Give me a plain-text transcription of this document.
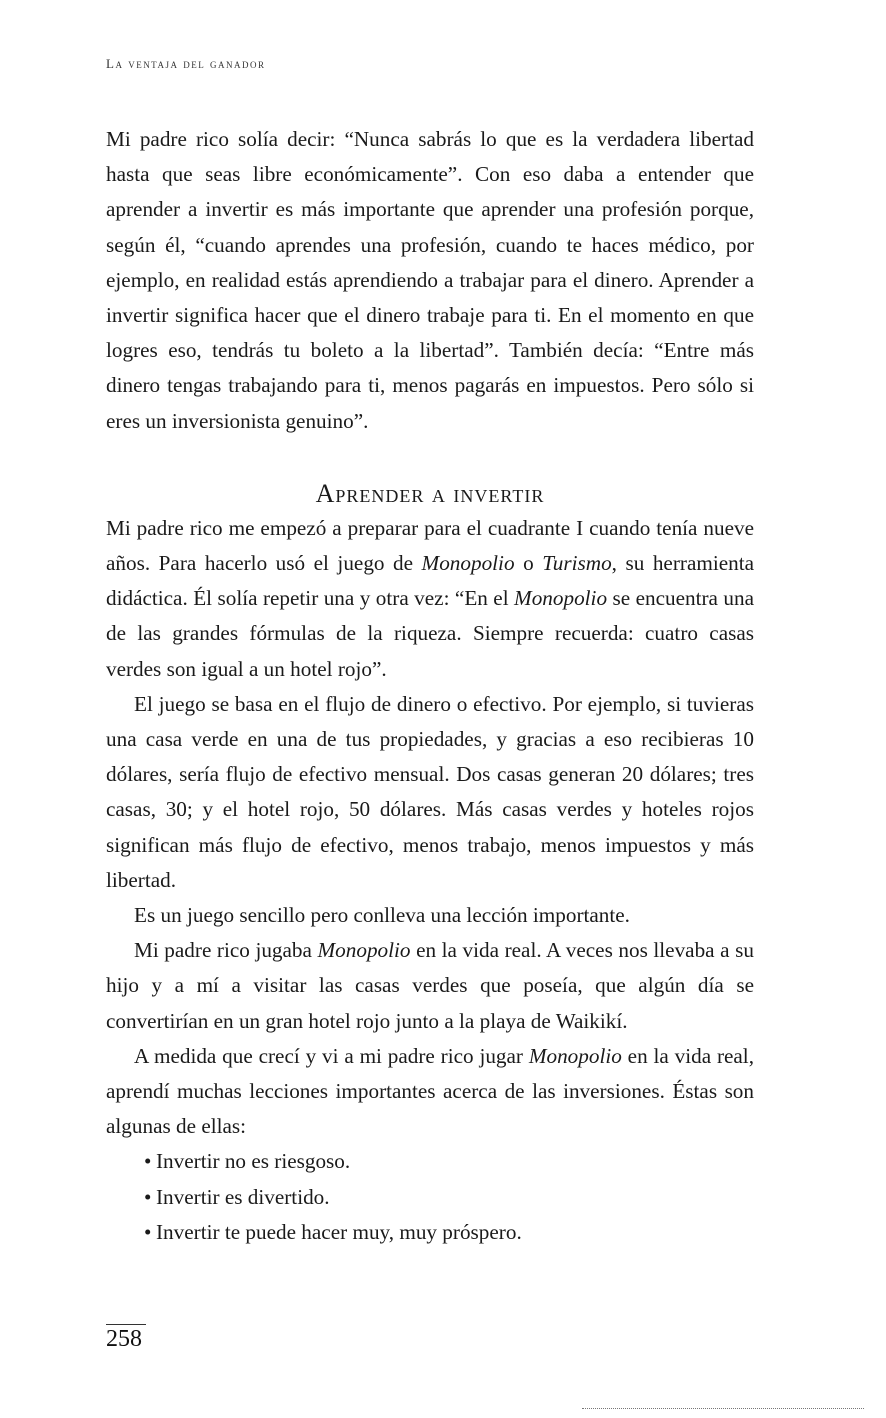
La ventaja del ganador

Mi padre rico solía decir: “Nunca sabrás lo que es la verdadera libertad hasta que seas libre económicamente”. Con eso daba a entender que aprender a invertir es más importante que aprender una profesión porque, según él, “cuando aprendes una profesión, cuando te haces médico, por ejemplo, en realidad estás aprendiendo a trabajar para el dinero. Aprender a invertir significa hacer que el dinero trabaje para ti. En el momento en que logres eso, tendrás tu boleto a la libertad”. También decía: “Entre más dinero tengas trabajando para ti, menos pagarás en impuestos. Pero sólo si eres un inversionista genuino”.

Aprender a invertir

Mi padre rico me empezó a preparar para el cuadrante I cuando tenía nueve años. Para hacerlo usó el juego de Monopolio o Turismo, su herramienta didáctica. Él solía repetir una y otra vez: “En el Monopolio se encuentra una de las grandes fórmulas de la riqueza. Siempre recuerda: cuatro casas verdes son igual a un hotel rojo”.

El juego se basa en el flujo de dinero o efectivo. Por ejemplo, si tuvieras una casa verde en una de tus propiedades, y gracias a eso recibieras 10 dólares, sería flujo de efectivo mensual. Dos casas generan 20 dólares; tres casas, 30; y el hotel rojo, 50 dólares. Más casas verdes y hoteles rojos significan más flujo de efectivo, menos trabajo, menos impuestos y más libertad.

Es un juego sencillo pero conlleva una lección importante.

Mi padre rico jugaba Monopolio en la vida real. A veces nos llevaba a su hijo y a mí a visitar las casas verdes que poseía, que algún día se convertirían en un gran hotel rojo junto a la playa de Waikikí.

A medida que crecí y vi a mi padre rico jugar Monopolio en la vida real, aprendí muchas lecciones importantes acerca de las inversiones. Éstas son algunas de ellas:

• Invertir no es riesgoso.
• Invertir es divertido.
• Invertir te puede hacer muy, muy próspero.
258
